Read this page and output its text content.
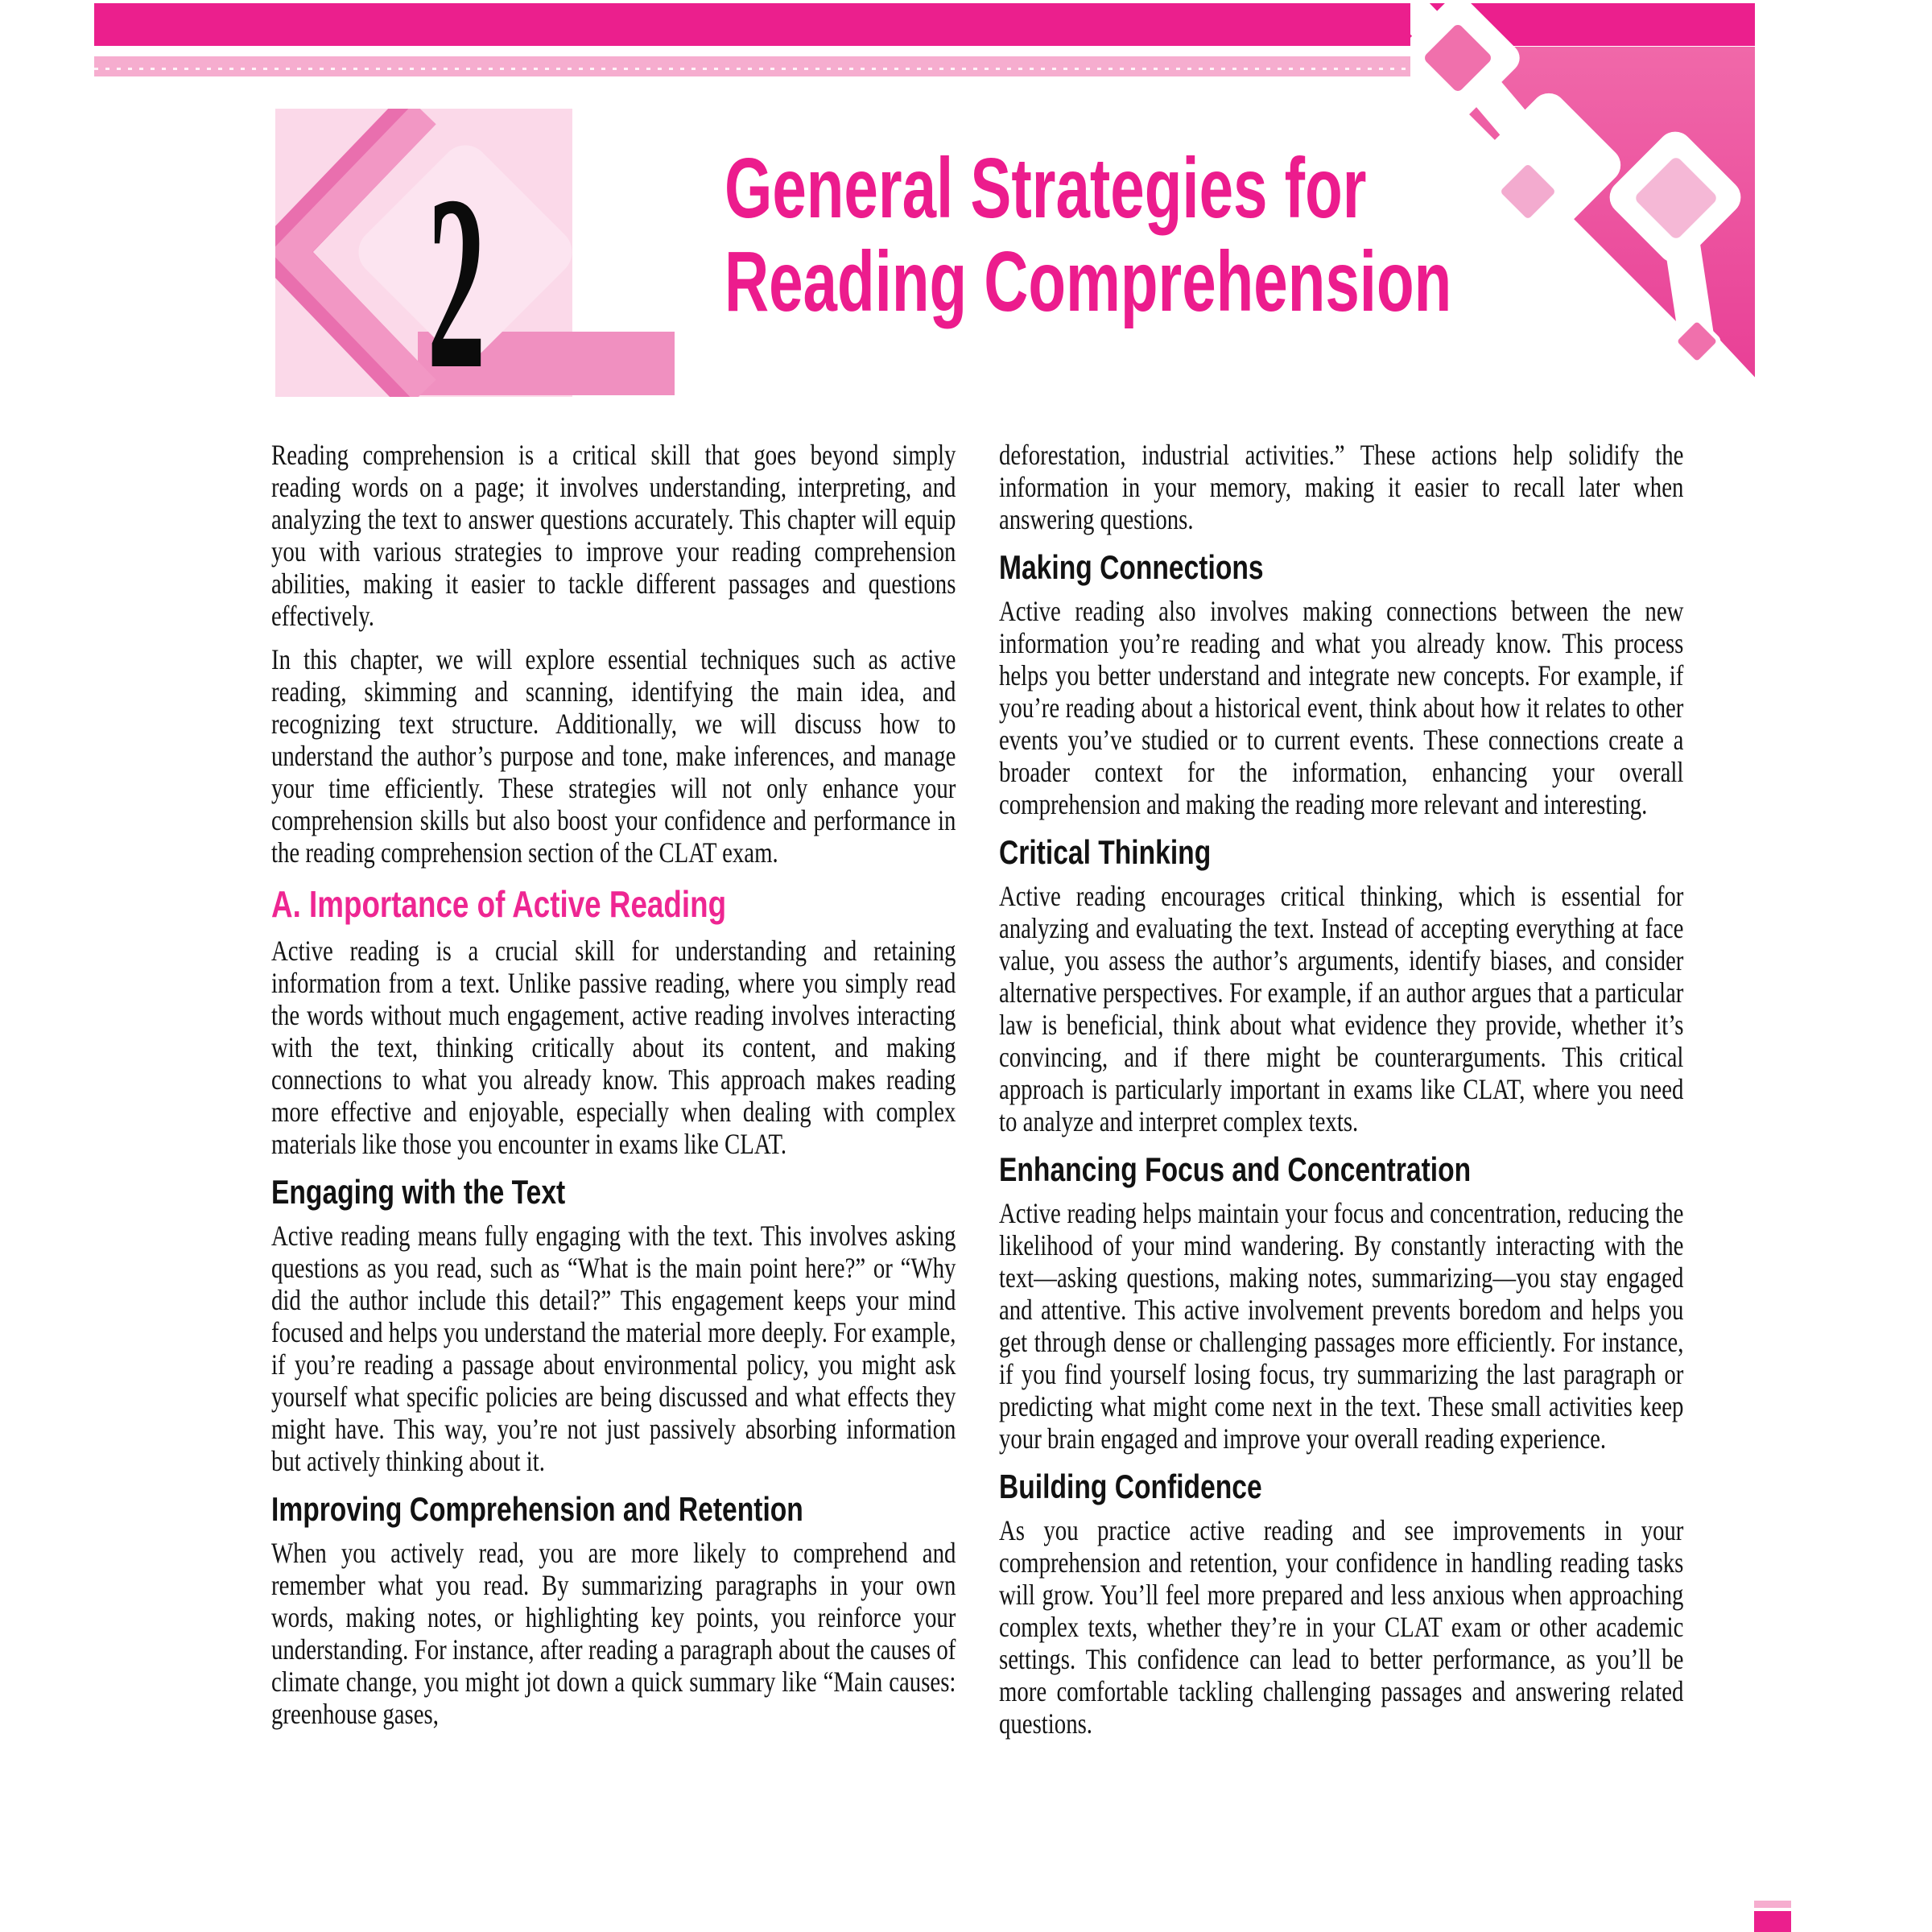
2	General Strategies for
Reading Comprehension
Reading comprehension is a critical skill that goes beyond simply reading words on a page; it involves understanding, interpreting, and analyzing the text to answer questions accurately. This chapter will equip you with various strategies to improve your reading comprehension abilities, making it easier to tackle different passages and questions effectively.
In this chapter, we will explore essential techniques such as active reading, skimming and scanning, identifying the main idea, and recognizing text structure. Additionally, we will discuss how to understand the author’s purpose and tone, make inferences, and manage your time efficiently. These strategies will not only enhance your comprehension skills but also boost your confidence and performance in the reading comprehension section of the CLAT exam.
A. Importance of Active Reading
Active reading is a crucial skill for understanding and retaining information from a text. Unlike passive reading, where you simply read the words without much engagement, active reading involves interacting with the text, thinking critically about its content, and making connections to what you already know. This approach makes reading more effective and enjoyable, especially when dealing with complex materials like those you encounter in exams like CLAT.
Engaging with the Text
Active reading means fully engaging with the text. This involves asking questions as you read, such as “What is the main point here?” or “Why did the author include this detail?” This engagement keeps your mind focused and helps you understand the material more deeply. For example, if you’re reading a passage about environmental policy, you might ask yourself what specific policies are being discussed and what effects they might have. This way, you’re not just passively absorbing information but actively thinking about it.
Improving Comprehension and Retention
When you actively read, you are more likely to comprehend and remember what you read. By summarizing paragraphs in your own words, making notes, or highlighting key points, you reinforce your understanding. For instance, after reading a paragraph about the causes of climate change, you might jot down a quick summary like “Main causes: greenhouse gases,
deforestation, industrial activities.” These actions help solidify the information in your memory, making it easier to recall later when answering questions.
Making Connections
Active reading also involves making connections between the new information you’re reading and what you already know. This process helps you better understand and integrate new concepts. For example, if you’re reading about a historical event, think about how it relates to other events you’ve studied or to current events. These connections create a broader context for the information, enhancing your overall comprehension and making the reading more relevant and interesting.
Critical Thinking
Active reading encourages critical thinking, which is essential for analyzing and evaluating the text. Instead of accepting everything at face value, you assess the author’s arguments, identify biases, and consider alternative perspectives. For example, if an author argues that a particular law is beneficial, think about what evidence they provide, whether it’s convincing, and if there might be counterarguments. This critical approach is particularly important in exams like CLAT, where you need to analyze and interpret complex texts.
Enhancing Focus and Concentration
Active reading helps maintain your focus and concentration, reducing the likelihood of your mind wandering. By constantly interacting with the text—asking questions, making notes, summarizing—you stay engaged and attentive. This active involvement prevents boredom and helps you get through dense or challenging passages more efficiently. For instance, if you find yourself losing focus, try summarizing the last paragraph or predicting what might come next in the text. These small activities keep your brain engaged and improve your overall reading experience.
Building Confidence
As you practice active reading and see improvements in your comprehension and retention, your confidence in handling reading tasks will grow. You’ll feel more prepared and less anxious when approaching complex texts, whether they’re in your CLAT exam or other academic settings. This confidence can lead to better performance, as you’ll be more comfortable tackling challenging passages and answering related questions.
